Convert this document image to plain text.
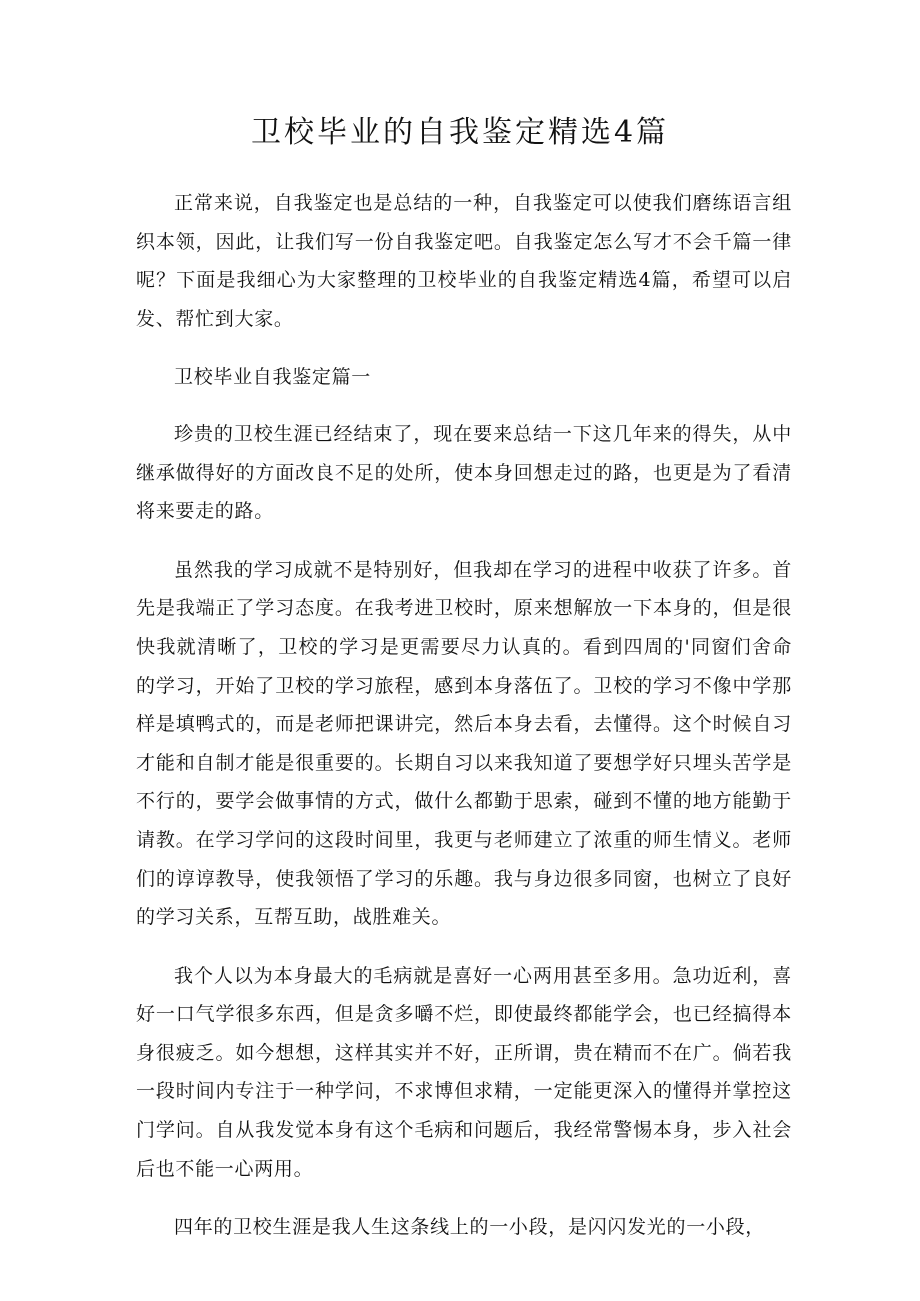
卫校毕业的自我鉴定精选4篇

正常来说，自我鉴定也是总结的一种，自我鉴定可以使我们磨练语言组织本领，因此，让我们写一份自我鉴定吧。自我鉴定怎么写才不会千篇一律呢？下面是我细心为大家整理的卫校毕业的自我鉴定精选4篇，希望可以启发、帮忙到大家。

卫校毕业自我鉴定篇一

珍贵的卫校生涯已经结束了，现在要来总结一下这几年来的得失，从中继承做得好的方面改良不足的处所，使本身回想走过的路，也更是为了看清将来要走的路。

虽然我的学习成就不是特别好，但我却在学习的进程中收获了许多。首先是我端正了学习态度。在我考进卫校时，原来想解放一下本身的，但是很快我就清晰了，卫校的学习是更需要尽力认真的。看到四周的'同窗们舍命的学习，开始了卫校的学习旅程，感到本身落伍了。卫校的学习不像中学那样是填鸭式的，而是老师把课讲完，然后本身去看，去懂得。这个时候自习才能和自制才能是很重要的。长期自习以来我知道了要想学好只埋头苦学是不行的，要学会做事情的方式，做什么都勤于思索，碰到不懂的地方能勤于请教。在学习学问的这段时间里，我更与老师建立了浓重的师生情义。老师们的谆谆教导，使我领悟了学习的乐趣。我与身边很多同窗，也树立了良好的学习关系，互帮互助，战胜难关。

我个人以为本身最大的毛病就是喜好一心两用甚至多用。急功近利，喜好一口气学很多东西，但是贪多嚼不烂，即使最终都能学会，也已经搞得本身很疲乏。如今想想，这样其实并不好，正所谓，贵在精而不在广。倘若我一段时间内专注于一种学问，不求博但求精，一定能更深入的懂得并掌控这门学问。自从我发觉本身有这个毛病和问题后，我经常警惕本身，步入社会后也不能一心两用。

四年的卫校生涯是我人生这条线上的一小段，是闪闪发光的一小段，
